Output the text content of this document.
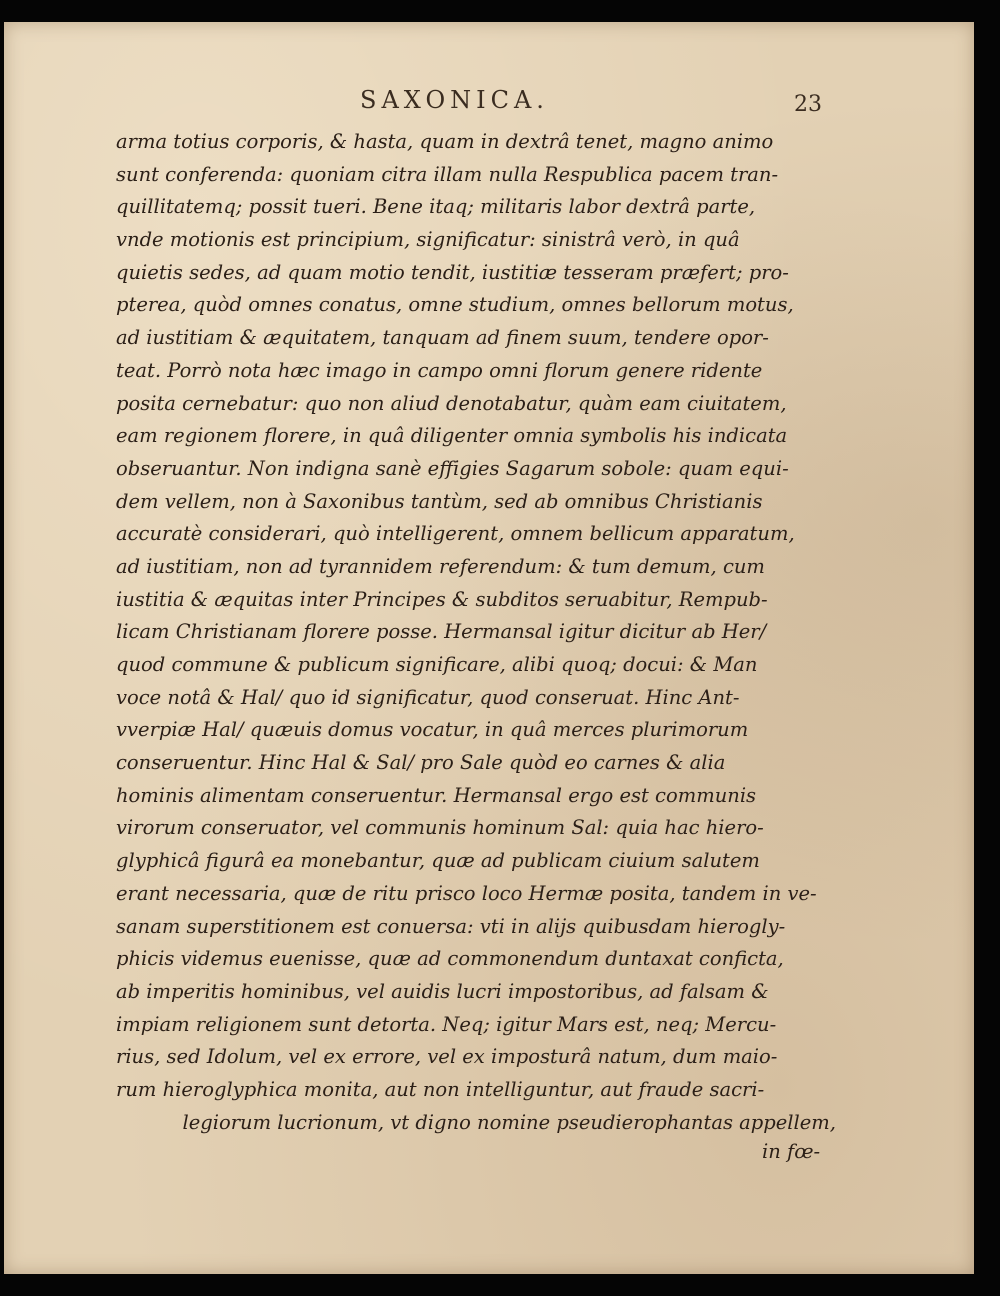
SAXONICA.	23
arma totius corporis, & hasta, quam in dextrâ tenet, magno animo
sunt conferenda: quoniam citra illam nulla Respublica pacem tran-
quillitatemq; possit tueri. Bene itaq; militaris labor dextrâ parte,
vnde motionis est principium, significatur: sinistrâ verò, in quâ
quietis sedes, ad quam motio tendit, iustitiæ tesseram præfert; pro-
pterea, quòd omnes conatus, omne studium, omnes bellorum motus,
ad iustitiam & æquitatem, tanquam ad finem suum, tendere opor-
teat. Porrò nota hæc imago in campo omni florum genere ridente
posita cernebatur: quo non aliud denotabatur, quàm eam ciuitatem,
eam regionem florere, in quâ diligenter omnia symbolis his indicata
obseruantur. Non indigna sanè effigies Sagarum sobole: quam equi-
dem vellem, non à Saxonibus tantùm, sed ab omnibus Christianis
accuratè considerari, quò intelligerent, omnem bellicum apparatum,
ad iustitiam, non ad tyrannidem referendum: & tum demum, cum
iustitia & æquitas inter Principes & subditos seruabitur, Rempub-
licam Christianam florere posse. Hermansal igitur dicitur ab Her/
quod commune & publicum significare, alibi quoq; docui: & Man
voce notâ & Hal/ quo id significatur, quod conseruat. Hinc Ant-
vverpiæ Hal/ quæuis domus vocatur, in quâ merces plurimorum
conseruentur. Hinc Hal & Sal/ pro Sale quòd eo carnes & alia
hominis alimentam conseruentur. Hermansal ergo est communis
virorum conseruator, vel communis hominum Sal: quia hac hiero-
glyphicâ figurâ ea monebantur, quæ ad publicam ciuium salutem
erant necessaria, quæ de ritu prisco loco Hermæ posita, tandem in ve-
sanam superstitionem est conuersa: vti in alijs quibusdam hierogly-
phicis videmus euenisse, quæ ad commonendum duntaxat conficta,
ab imperitis hominibus, vel auidis lucri impostoribus, ad falsam &
impiam religionem sunt detorta. Neq; igitur Mars est, neq; Mercu-
rius, sed Idolum, vel ex errore, vel ex imposturâ natum, dum maio-
rum hieroglyphica monita, aut non intelliguntur, aut fraude sacri-
legiorum lucrionum, vt digno nomine pseudierophantas appellem,
in fœ-
